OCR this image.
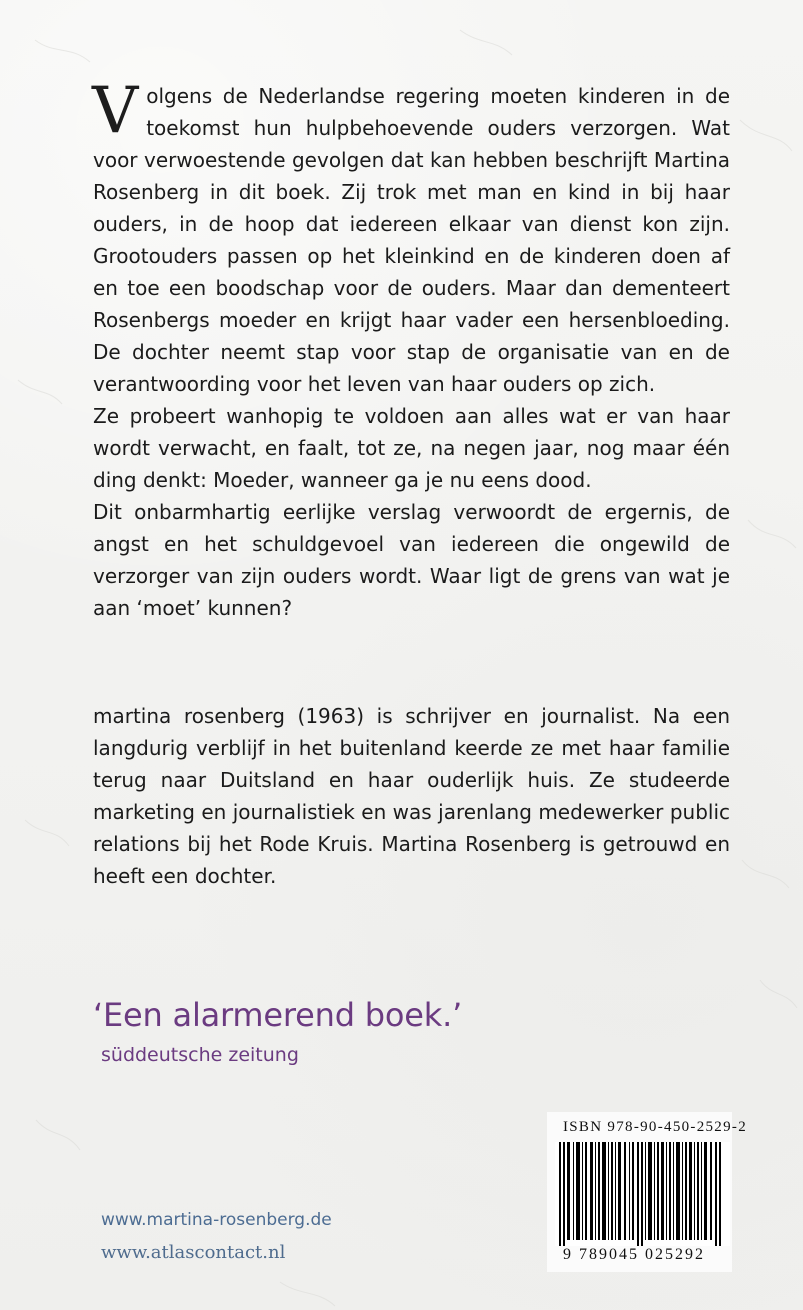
Volgens de Nederlandse regering moeten kinderen in de toekomst hun hulpbehoevende ouders verzorgen. Wat voor verwoestende gevolgen dat kan hebben beschrijft Martina Rosenberg in dit boek. Zij trok met man en kind in bij haar ouders, in de hoop dat iedereen elkaar van dienst kon zijn. Grootouders passen op het kleinkind en de kinderen doen af en toe een boodschap voor de ouders. Maar dan dementeert Rosenbergs moeder en krijgt haar vader een hersenbloeding. De dochter neemt stap voor stap de organisatie van en de verantwoording voor het leven van haar ouders op zich.

Ze probeert wanhopig te voldoen aan alles wat er van haar wordt verwacht, en faalt, tot ze, na negen jaar, nog maar één ding denkt: Moeder, wanneer ga je nu eens dood.

Dit onbarmhartig eerlijke verslag verwoordt de ergernis, de angst en het schuldgevoel van iedereen die ongewild de verzorger van zijn ouders wordt. Waar ligt de grens van wat je aan ‘moet’ kunnen?

martina rosenberg (1963) is schrijver en journalist. Na een langdurig verblijf in het buitenland keerde ze met haar familie terug naar Duitsland en haar ouderlijk huis. Ze studeerde marketing en journalistiek en was jarenlang medewerker public relations bij het Rode Kruis. Martina Rosenberg is getrouwd en heeft een dochter.
‘Een alarmerend boek.’
süddeutsche zeitung
ISBN 978-90-450-2529-2
9 789045 025292
www.martina-rosenberg.de
www.atlascontact.nl
